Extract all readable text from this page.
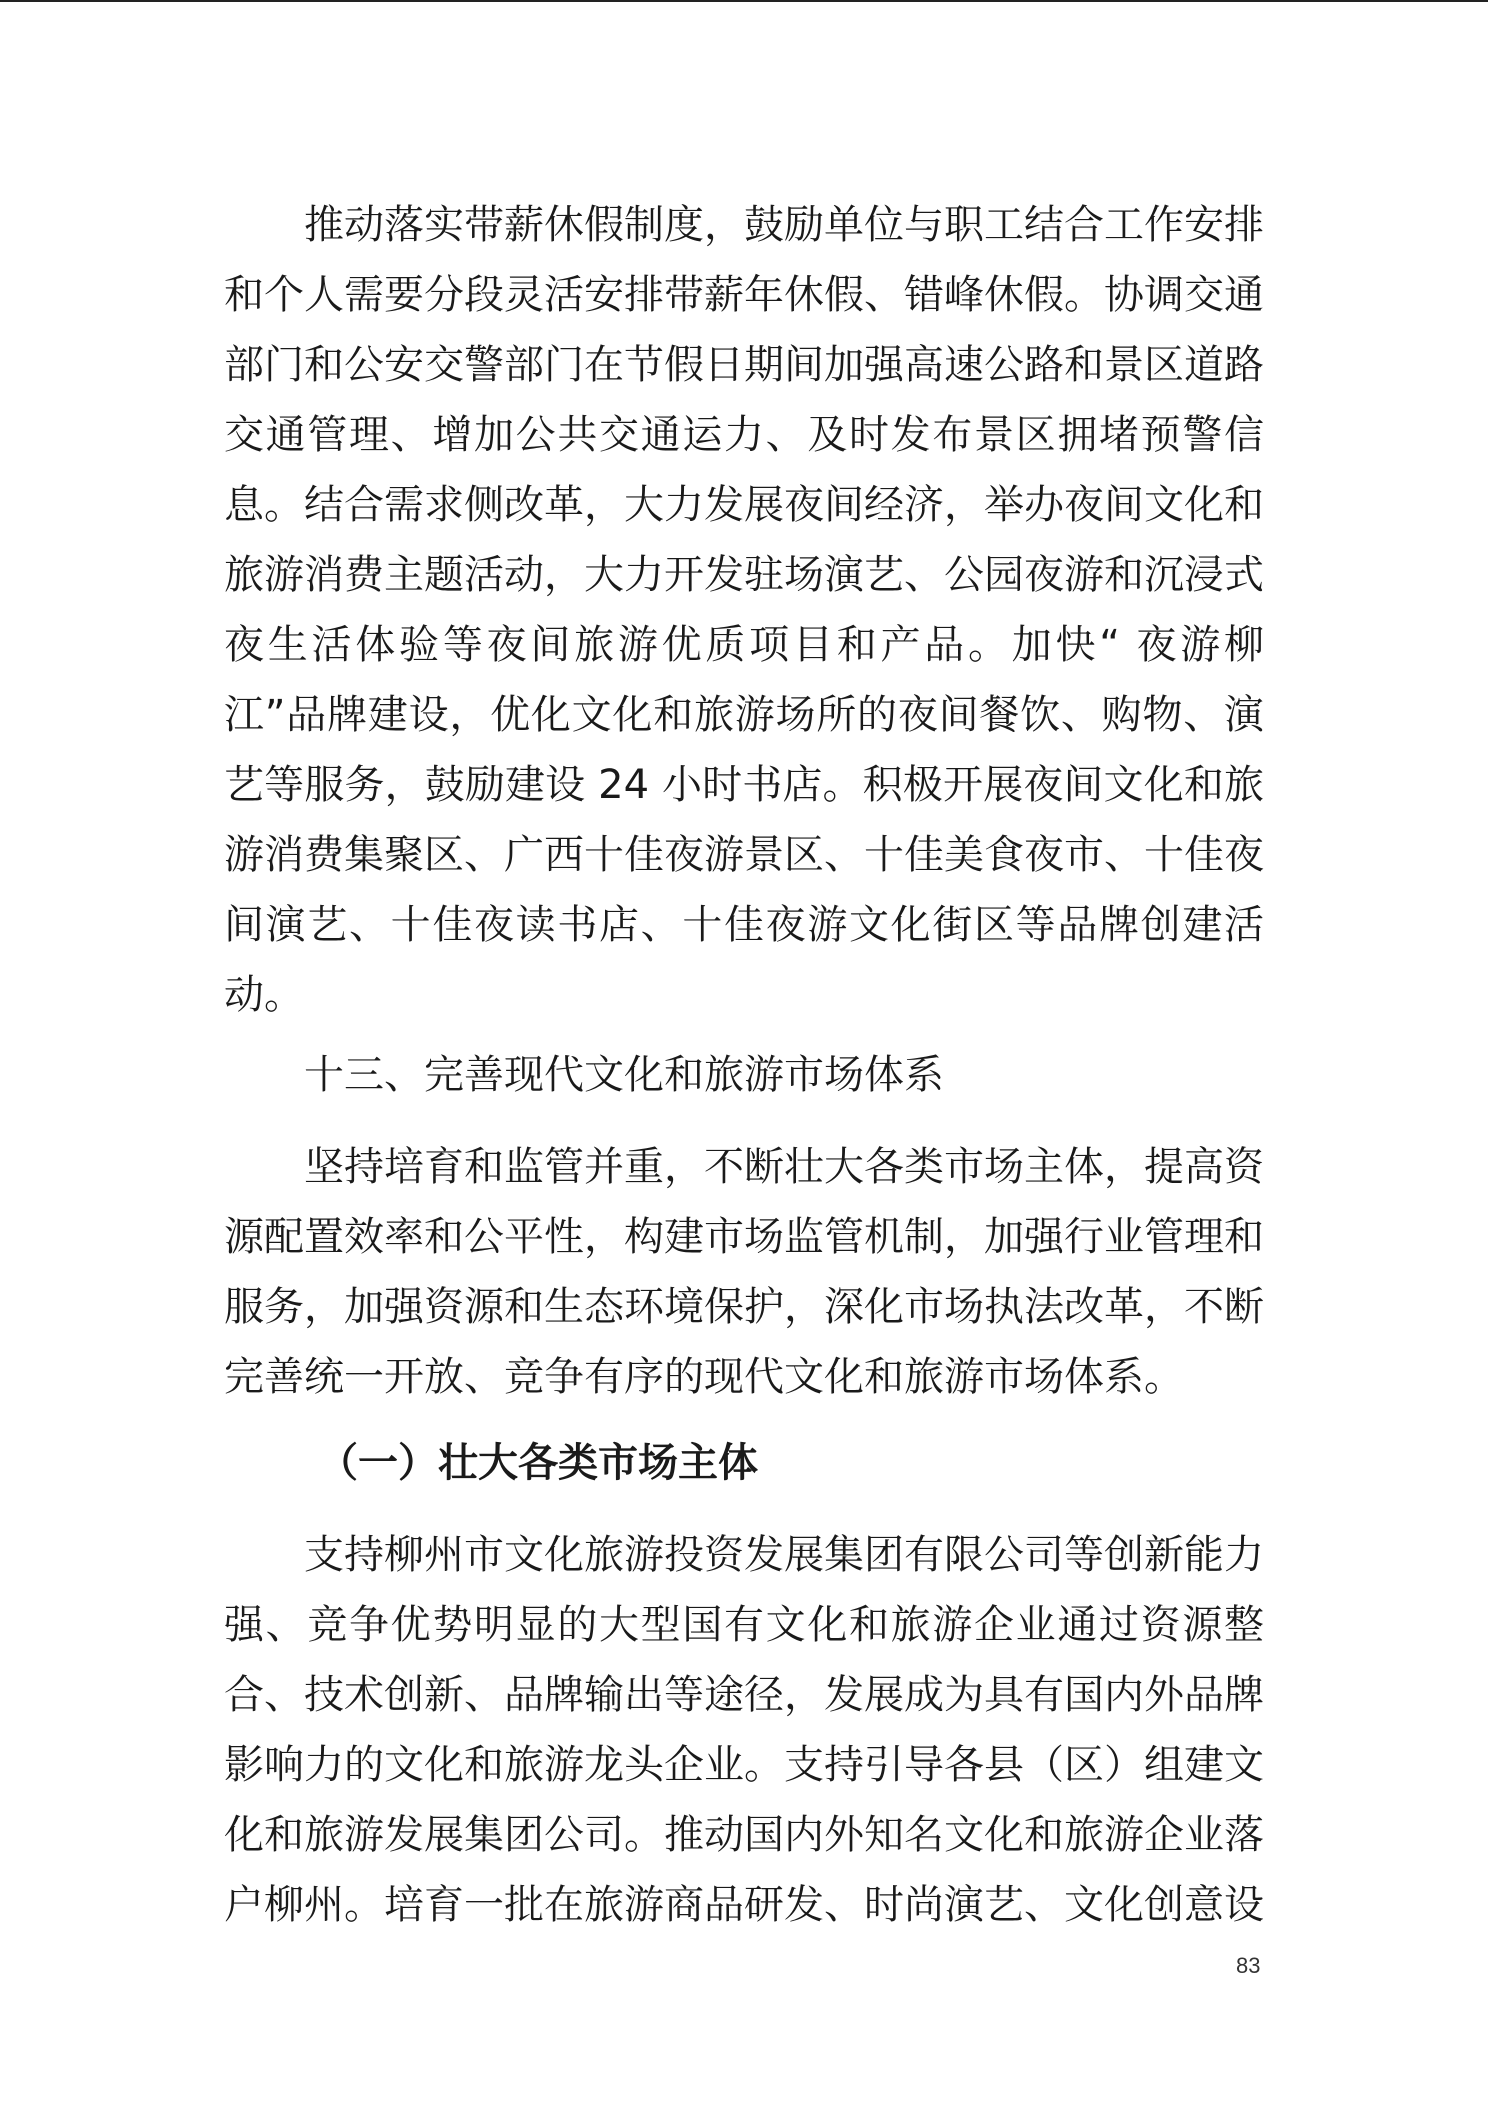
推动落实带薪休假制度，鼓励单位与职工结合工作安排和个人需要分段灵活安排带薪年休假、错峰休假。协调交通部门和公安交警部门在节假日期间加强高速公路和景区道路交通管理、增加公共交通运力、及时发布景区拥堵预警信息。结合需求侧改革，大力发展夜间经济，举办夜间文化和旅游消费主题活动，大力开发驻场演艺、公园夜游和沉浸式夜生活体验等夜间旅游优质项目和产品。加快“ 夜游柳江”品牌建设，优化文化和旅游场所的夜间餐饮、购物、演艺等服务，鼓励建设 24 小时书店。积极开展夜间文化和旅游消费集聚区、广西十佳夜游景区、十佳美食夜市、十佳夜间演艺、十佳夜读书店、十佳夜游文化街区等品牌创建活动。

十三、完善现代文化和旅游市场体系

坚持培育和监管并重，不断壮大各类市场主体，提高资源配置效率和公平性，构建市场监管机制，加强行业管理和服务，加强资源和生态环境保护，深化市场执法改革，不断完善统一开放、竞争有序的现代文化和旅游市场体系。

（一）壮大各类市场主体

支持柳州市文化旅游投资发展集团有限公司等创新能力强、竞争优势明显的大型国有文化和旅游企业通过资源整合、技术创新、品牌输出等途径，发展成为具有国内外品牌影响力的文化和旅游龙头企业。支持引导各县（区）组建文化和旅游发展集团公司。推动国内外知名文化和旅游企业落户柳州。培育一批在旅游商品研发、时尚演艺、文化创意设

83
